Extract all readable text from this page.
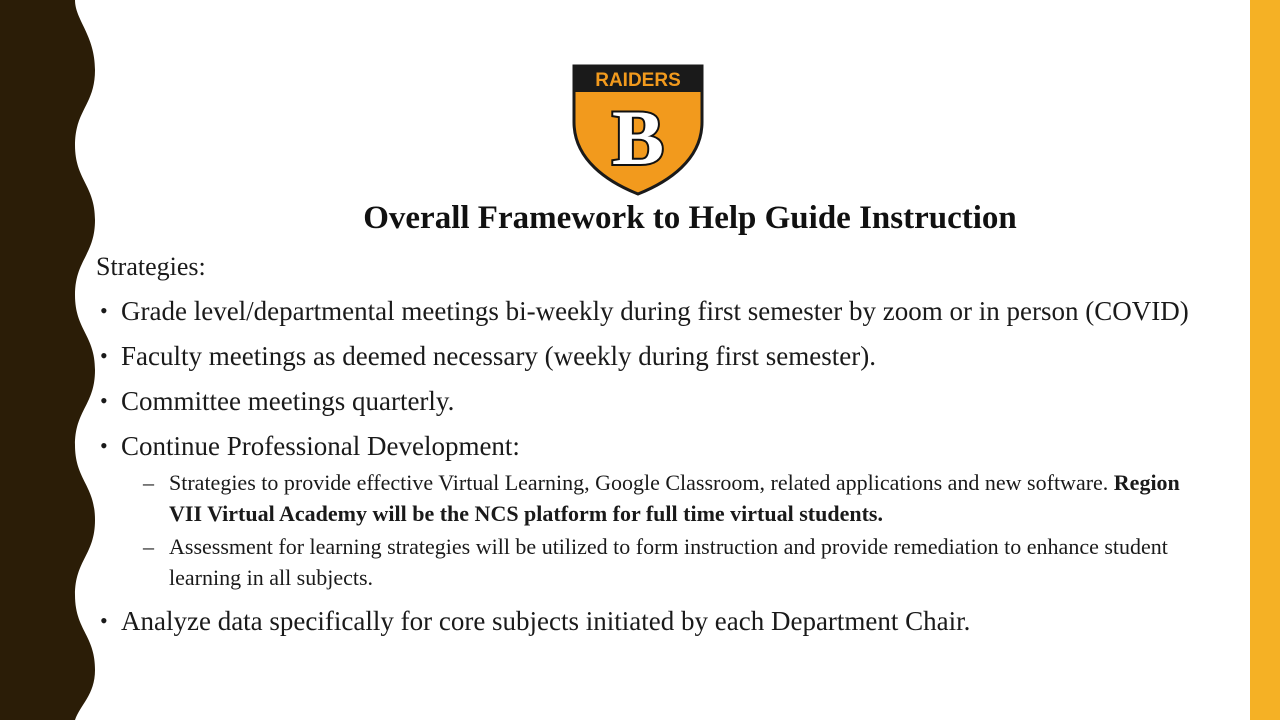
RAIDERS
B
Overall Framework to Help Guide Instruction
Strategies:
• Grade level/departmental meetings bi-weekly during first semester by zoom or in person (COVID)
• Faculty meetings as deemed necessary (weekly during first semester).
• Committee meetings quarterly.
• Continue Professional Development:
– Strategies to provide effective Virtual Learning, Google Classroom, related applications and new software. Region VII Virtual Academy will be the NCS platform for full time virtual students.
– Assessment for learning strategies will be utilized to form instruction and provide remediation to enhance student learning in all subjects.
• Analyze data specifically for core subjects initiated by each Department Chair.
